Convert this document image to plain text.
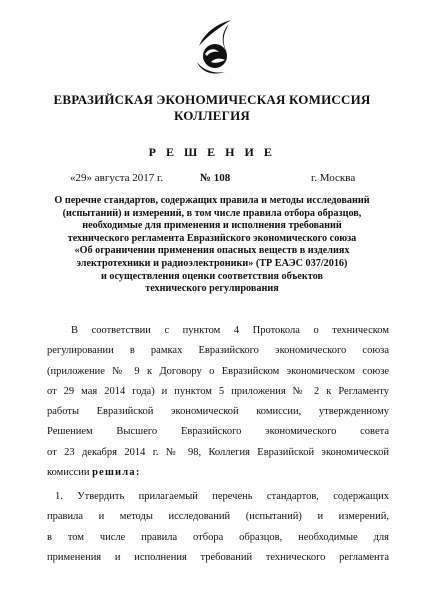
ЕВРАЗИЙСКАЯ ЭКОНОМИЧЕСКАЯ КОМИССИЯ
КОЛЛЕГИЯ
Р Е Ш Е Н И Е
«29» августа 2017 г.	№ 108	г. Москва
О перечне стандартов, содержащих правила и методы исследований
(испытаний) и измерений, в том числе правила отбора образцов,
необходимые для применения и исполнения требований
технического регламента Евразийского экономического союза
«Об ограничении применения опасных веществ в изделиях
электротехники и радиоэлектроники» (ТР ЕАЭС 037/2016)
и осуществления оценки соответствия объектов
технического регулирования
В соответствии с пунктом 4 Протокола о техническом
регулировании в рамках Евразийского экономического союза
(приложение № 9 к Договору о Евразийском экономическом союзе
от 29 мая 2014 года) и пунктом 5 приложения № 2 к Регламенту
работы Евразийской экономической комиссии, утвержденному
Решением Высшего Евразийского экономического совета
от 23 декабря 2014 г. № 98, Коллегия Евразийской экономической
комиссии решила:
1. Утвердить прилагаемый перечень стандартов, содержащих
правила и методы исследований (испытаний) и измерений,
в том числе правила отбора образцов, необходимые для
применения и исполнения требований технического регламента
